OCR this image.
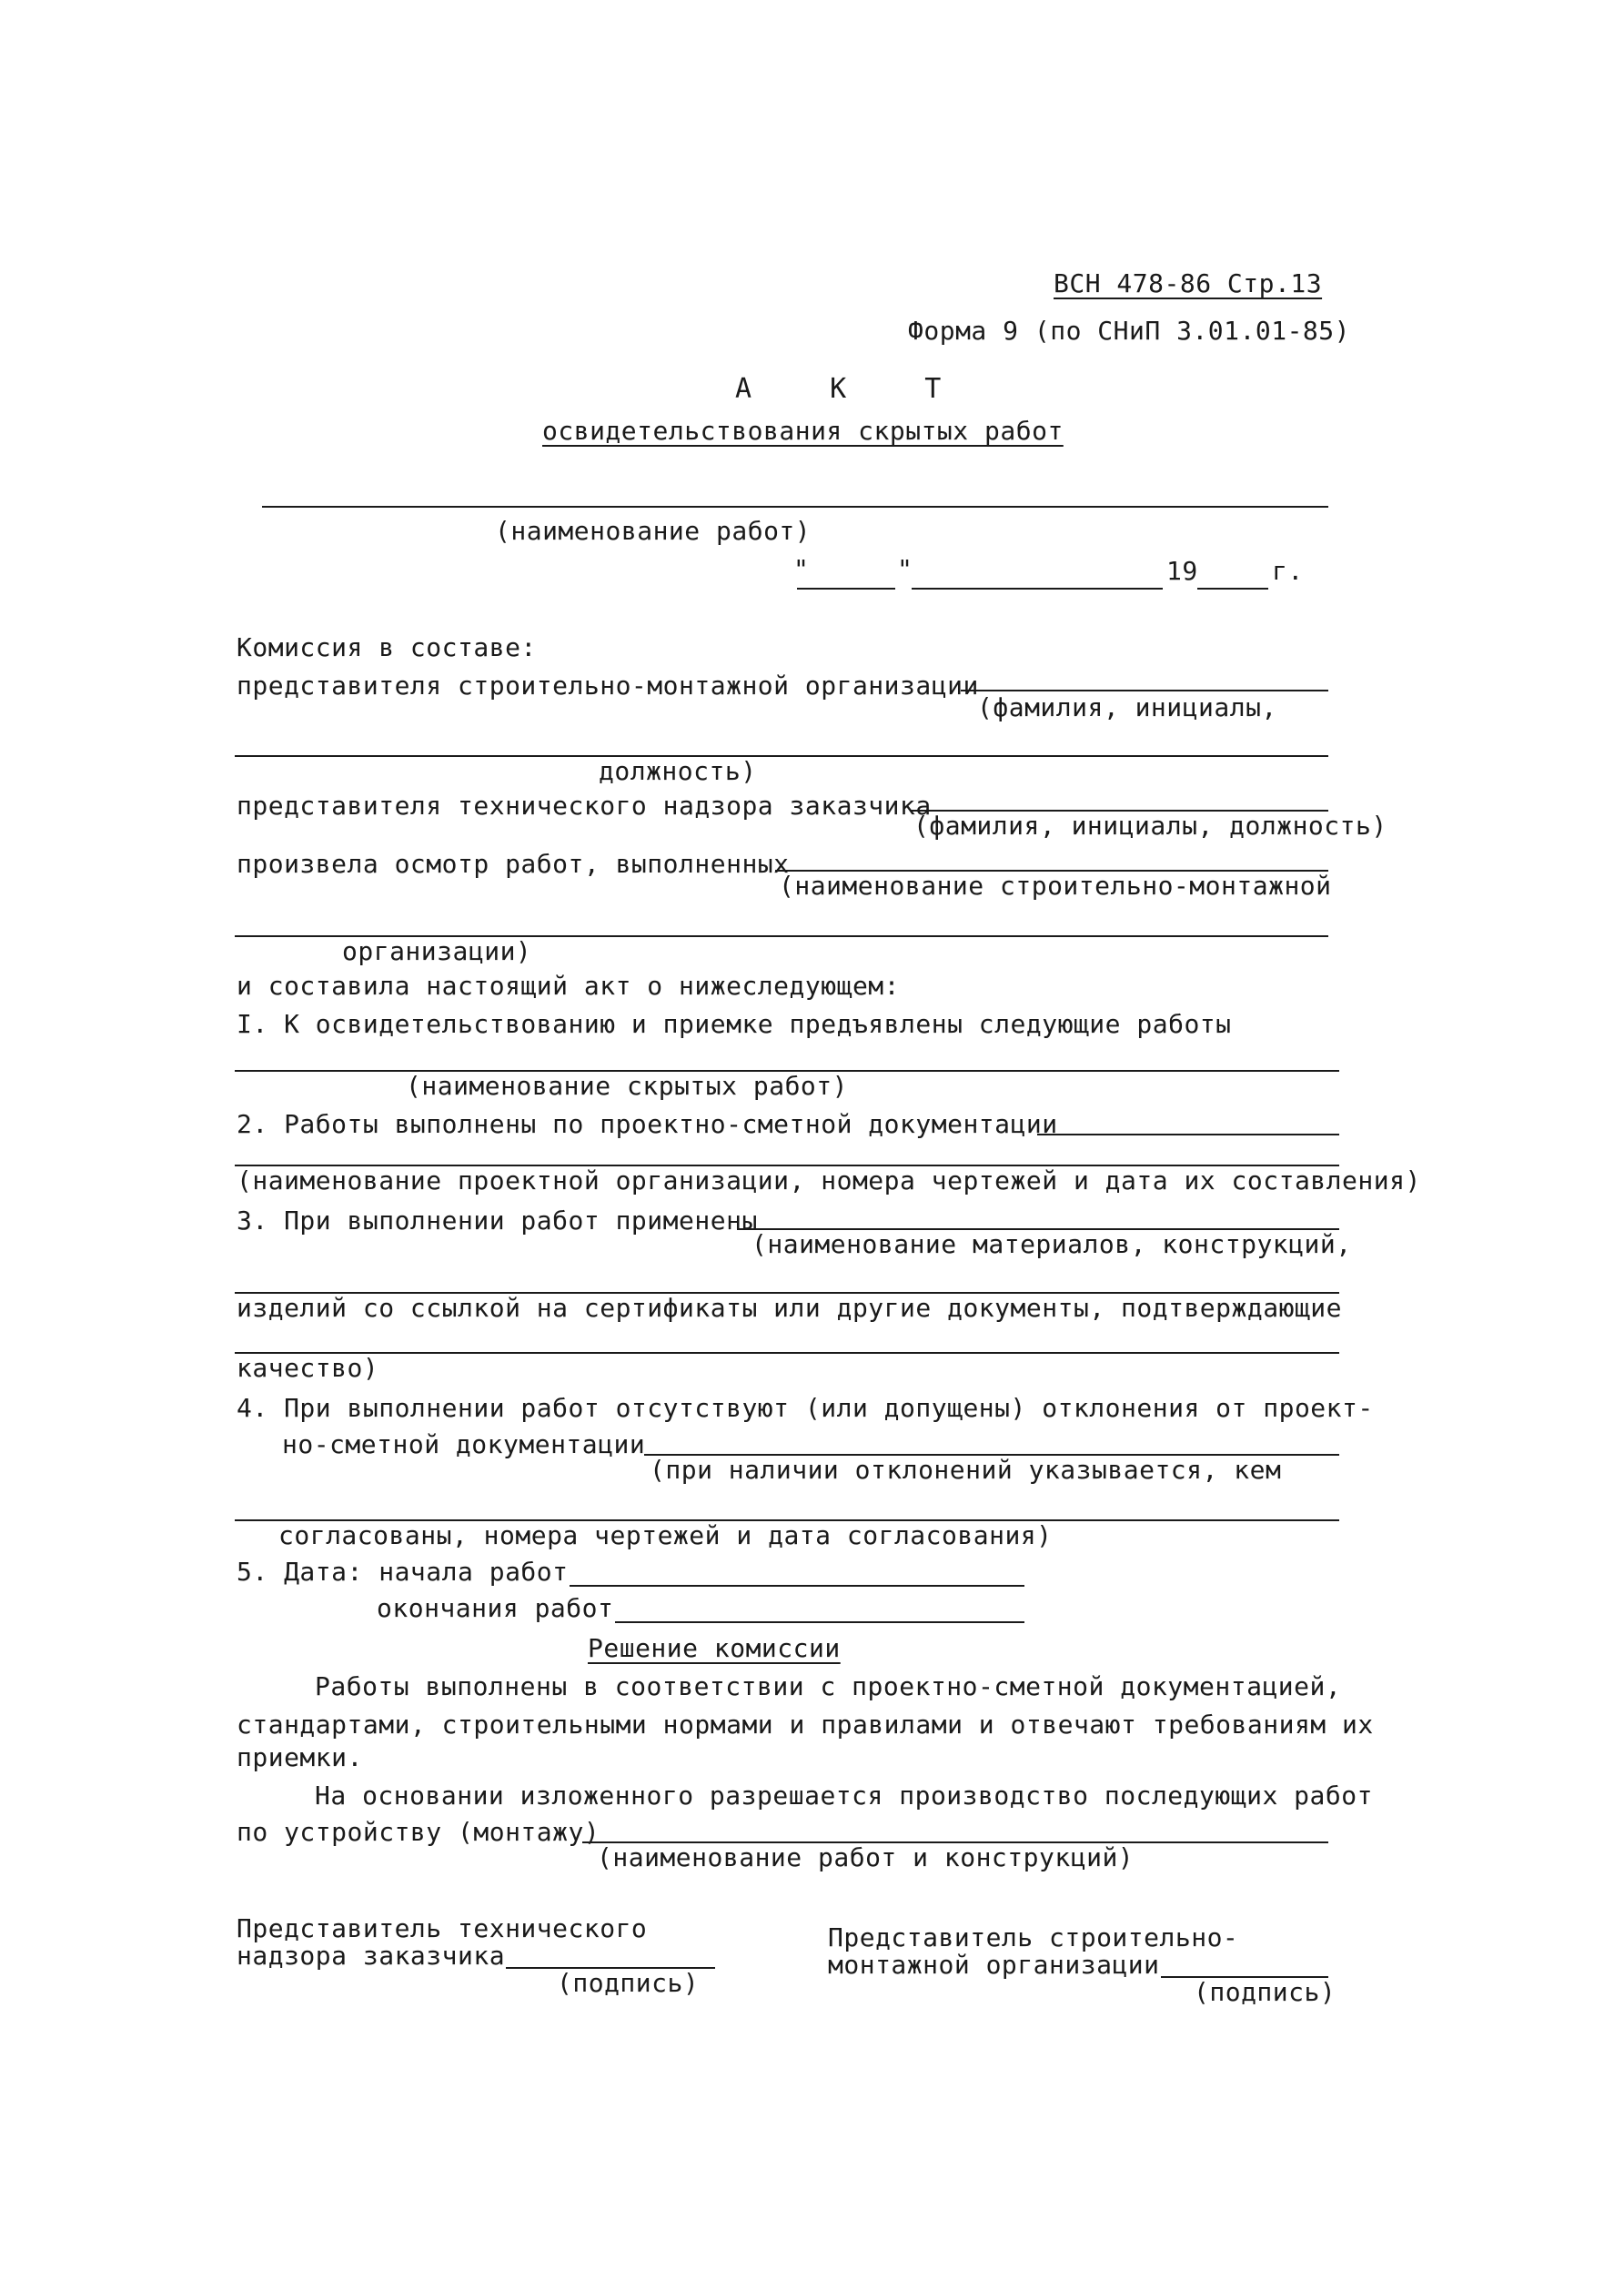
ВСН 478-86 Стр.13
Форма 9 (по СНиП 3.01.01-85)
А К Т
освидетельствования скрытых работ
(наименование работ)
"	"	19	г.
Комиссия в составе:
представителя строительно-монтажной организации
(фамилия, инициалы,
должность)
представителя технического надзора заказчика
(фамилия, инициалы, должность)
произвела осмотр работ, выполненных
(наименование строительно-монтажной
организации)
и составила настоящий акт о нижеследующем:
I. К освидетельствованию и приемке предъявлены следующие работы
(наименование скрытых работ)
2. Работы выполнены по проектно-сметной документации
(наименование проектной организации, номера чертежей и дата их составления)
3. При выполнении работ применены
(наименование материалов, конструкций,
изделий со ссылкой на сертификаты или другие документы, подтверждающие
качество)
4. При выполнении работ отсутствуют (или допущены) отклонения от проект-
но-сметной документации
(при наличии отклонений указывается, кем
согласованы, номера чертежей и дата согласования)
5. Дата: начала работ
окончания работ
Решение комиссии
Работы выполнены в соответствии с проектно-сметной документацией,
стандартами, строительными нормами и правилами и отвечают требованиям их
приемки.
На основании изложенного разрешается производство последующих работ
по устройству (монтажу)
(наименование работ и конструкций)
Представитель технического
надзора заказчика
(подпись)
Представитель строительно-
монтажной организации
(подпись)
